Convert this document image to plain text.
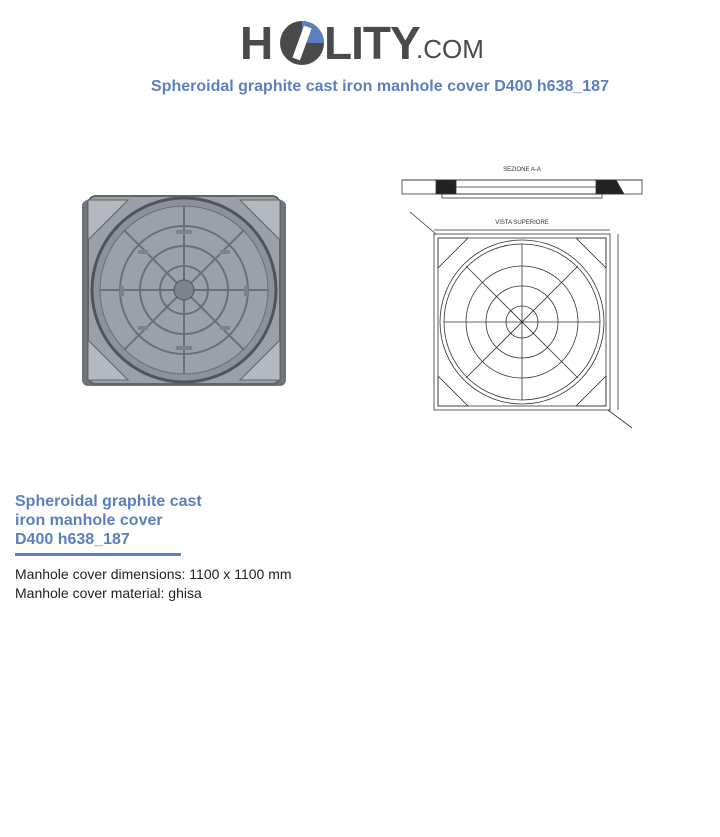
H LITY
.COM
Spheroidal graphite cast iron manhole cover D400 h638_187
SEZIONE A-A
VISTA SUPERIORE
Spheroidal graphite cast
iron manhole cover
D400 h638_187
Manhole cover dimensions: 1100 x 1100 mm
Manhole cover material: ghisa
